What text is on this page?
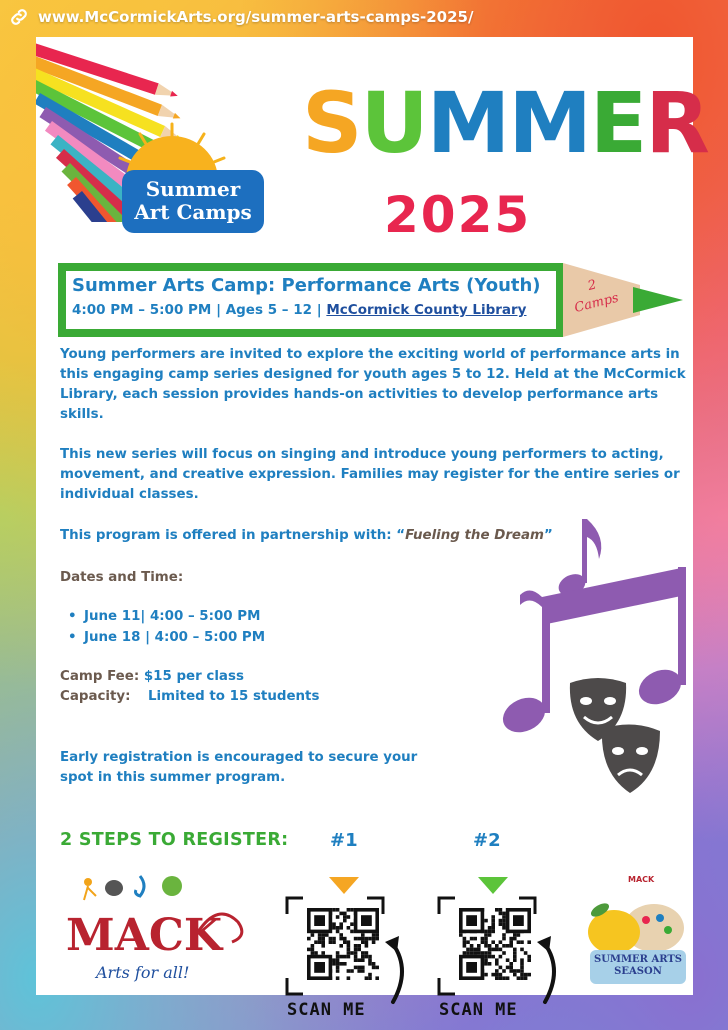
www.McCormickArts.org/summer-arts-camps-2025/
Summer
Art Camps
SUMMER
2025
Summer Arts Camp: Performance Arts (Youth)
4:00 PM – 5:00 PM | Ages 5 – 12 | McCormick County Library
2
Camps
Young performers are invited to explore the exciting world of performance arts in this engaging camp series designed for youth ages 5 to 12. Held at the McCormick Library, each session provides hands-on activities to develop performance arts skills.
This new series will focus on singing and introduce young performers to acting, movement, and creative expression. Families may register for the entire series or individual classes.
This program is offered in partnership with: “Fueling the Dream”
Dates and Time:
• June 11| 4:00 – 5:00 PM
• June 18 | 4:00 – 5:00 PM
Camp Fee: $15 per class
Capacity: Limited to 15 students
Early registration is encouraged to secure your spot in this summer program.
2 STEPS TO REGISTER: #1	#2
SCAN ME	SCAN ME
MACK
Arts for all!
MACK
SUMMER ARTS
SEASON
